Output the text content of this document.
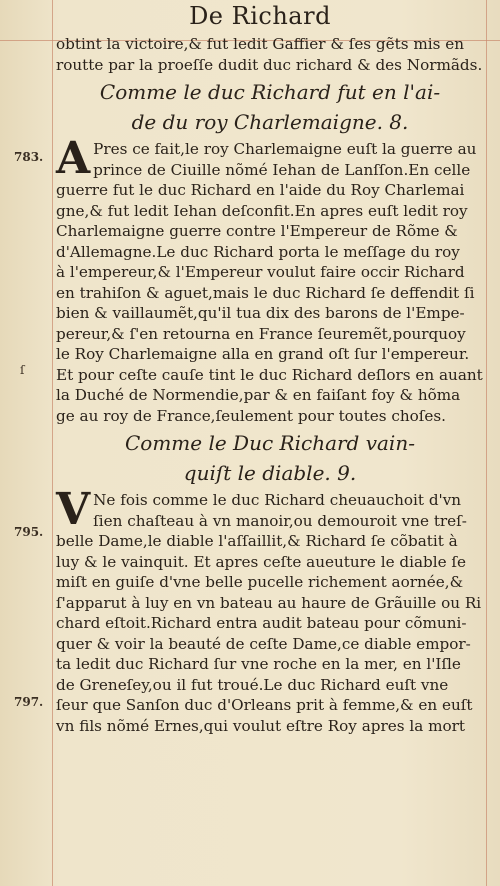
De Richard
783.
ſ
795.
797.
obtint la victoire,& fut ledit Gaffier & ſes gẽts mis en
routte par la proeſſe dudit duc richard & des Normãds.
Comme le duc Richard fut en l'ai-
de du roy Charlemaigne. 8.
A Pres ce fait,le roy Charlemaigne euſt la guerre au
prince de Ciuille nõmé Iehan de Lanſſon.En celle
guerre fut le duc Richard en l'aide du Roy Charlemai
gne,& fut ledit Iehan deſconfit.En apres euſt ledit roy
Charlemaigne guerre contre l'Empereur de Rõme &
d'Allemagne.Le duc Richard porta le meſſage du roy
à l'empereur,& l'Empereur voulut faire occir Richard
en trahiſon & aguet,mais le duc Richard ſe deffendit ſi
bien & vaillaumẽt,qu'il tua dix des barons de l'Empe-
pereur,& ſ'en retourna en France ſeuremẽt,pourquoy
le Roy Charlemaigne alla en grand oſt ſur l'empereur.
Et pour ceſte cauſe tint le duc Richard deſlors en auant
la Duché de Normendie,par & en faiſant foy & hõma
ge au roy de France,ſeulement pour toutes choſes.
Comme le Duc Richard vain-
quiſt le diable. 9.
V Ne fois comme le duc Richard cheuauchoit d'vn
ſien chaſteau à vn manoir,ou demouroit vne treſ-
belle Dame,le diable l'aſſaillit,& Richard ſe cõbatit à
luy & le vainquit. Et apres ceſte aueuture le diable ſe
miſt en guiſe d'vne belle pucelle richement aornée,&
ſ'apparut à luy en vn bateau au haure de Grãuille ou Ri
chard eſtoit.Richard entra audit bateau pour cõmuni-
quer & voir la beauté de ceſte Dame,ce diable empor-
ta ledit duc Richard ſur vne roche en la mer, en l'Iſle
de Greneſey,ou il fut troué.Le duc Richard euſt vne
ſeur que Sanſon duc d'Orleans prit à femme,& en euſt
vn fils nõmé Ernes,qui voulut eſtre Roy apres la mort
